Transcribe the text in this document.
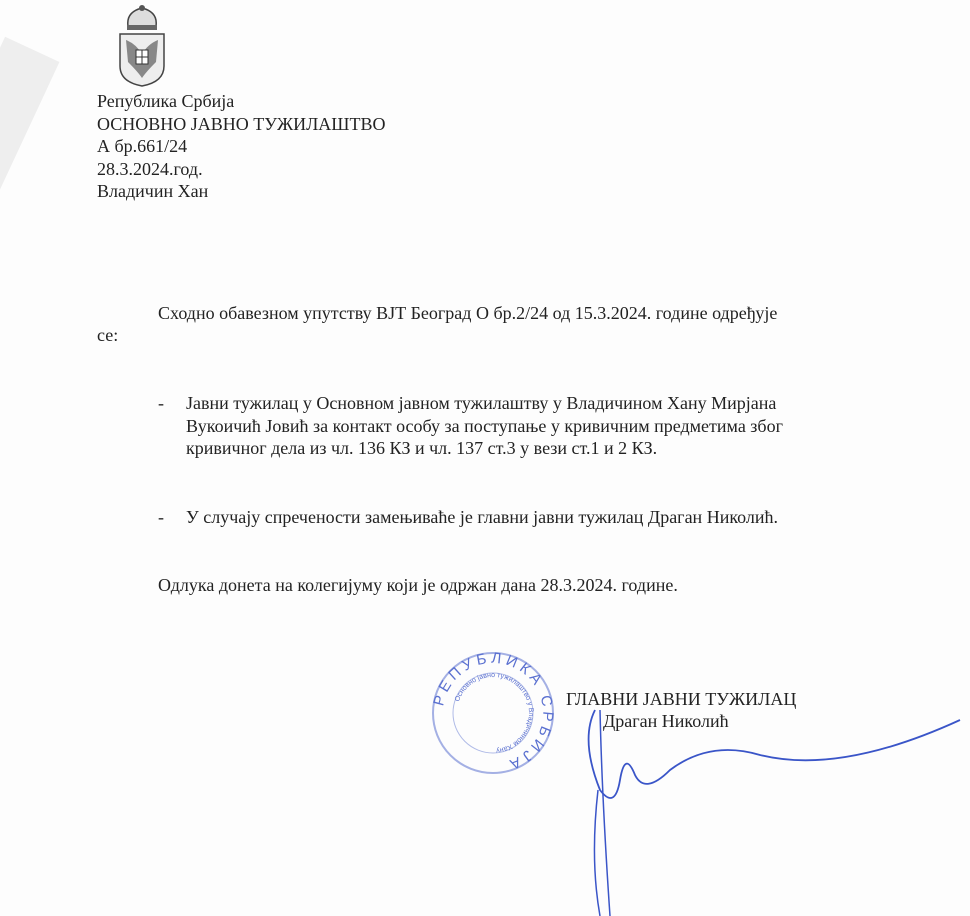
Република Србија
ОСНОВНО ЈАВНО ТУЖИЛАШТВО
А бр.661/24
28.3.2024.год.
Владичин Хан
Сходно обавезном упутству ВЈТ Београд О бр.2/24 од 15.3.2024. године одређује
се:
- Јавни тужилац у Основном јавном тужилаштву у Владичином Хану Мирјана
Вукоичић Јовић за контакт особу за поступање у кривичним предметима због
кривичног дела из чл. 136 КЗ и чл. 137 ст.3 у вези ст.1 и 2 КЗ.
- У случају спречености замењиваће је главни јавни тужилац Драган Николић.
Одлука донета на колегијуму који је одржан дана 28.3.2024. године.
РЕПУБЛИКА СРБИЈА
Основно јавно тужилаштво у Владичином Хану
ГЛАВНИ ЈАВНИ ТУЖИЛАЦ
Драган Николић
